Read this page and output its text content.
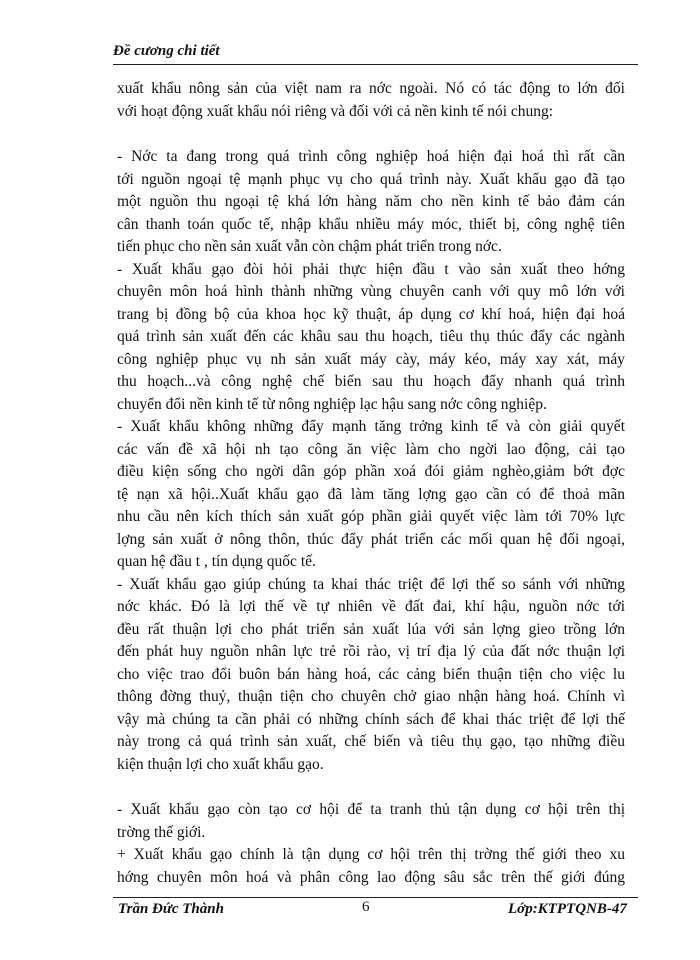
Đề cương chi tiết
xuất khẩu nông sản của việt nam ra nớc ngoài. Nó có tác động to lớn đối
với hoạt động xuất khẩu nói riêng và đối với cả nền kinh tế nói chung:
- Nớc ta đang trong quá trình công nghiệp hoá hiện đại hoá thì rất cần
tới nguồn ngoại tệ mạnh phục vụ cho quá trình này. Xuất khẩu gạo đã tạo
một nguồn thu ngoại tệ khá lớn hàng năm cho nền kinh tế bảo đảm cán
cân thanh toán quốc tế, nhập khẩu nhiều máy móc, thiết bị, công nghệ tiên
tiến phục cho nền sản xuất vẫn còn chậm phát triển trong nớc.
- Xuất khẩu gạo đòi hỏi phải thực hiện đầu t vào sản xuất theo hớng
chuyên môn hoá hình thành những vùng chuyên canh với quy mô lớn với
trang bị đồng bộ của khoa học kỹ thuật, áp dụng cơ khí hoá, hiện đại hoá
quá trình sản xuất đến các khâu sau thu hoạch, tiêu thụ thúc đẩy các ngành
công nghiệp phục vụ nh sản xuất máy cày, máy kéo, máy xay xát, máy
thu hoạch...và công nghệ chế biến sau thu hoạch đẩy nhanh quá trình
chuyển đổi nền kinh tế từ nông nghiệp lạc hậu sang nớc công nghiệp.
- Xuất khẩu không những đẩy mạnh tăng trởng kinh tế và còn giải quyết
các vấn đề xã hội nh tạo công ăn việc làm cho ngời lao động, cải tạo
điều kiện sống cho ngời dân góp phần xoá đói giảm nghèo,giảm bớt đợc
tệ nạn xã hội..Xuất khẩu gạo đã làm tăng lợng gạo cần có để thoả mãn
nhu cầu nên kích thích sản xuất góp phần giải quyết việc làm tới 70% lực
lợng sản xuất ở nông thôn, thúc đẩy phát triển các mối quan hệ đối ngoại,
quan hệ đầu t , tín dụng quốc tế.
- Xuất khẩu gạo giúp chúng ta khai thác triệt để lợi thế so sánh với những
nớc khác. Đó là lợi thế về tự nhiên về đất đai, khí hậu, nguồn nớc tới
đều rất thuận lợi cho phát triển sản xuất lúa với sản lợng gieo trồng lớn
đến phát huy nguồn nhân lực trẻ rồi rào, vị trí địa lý của đất nớc thuận lợi
cho việc trao đổi buôn bán hàng hoá, các cảng biển thuận tiện cho việc lu
thông đờng thuỷ, thuận tiện cho chuyên chở giao nhận hàng hoá. Chính vì
vậy mà chúng ta cần phải có những chính sách để khai thác triệt để lợi thế
này trong cả quá trình sản xuất, chế biến và tiêu thụ gạo, tạo những điều
kiện thuận lợi cho xuất khẩu gạo.
- Xuất khẩu gạo còn tạo cơ hội để ta tranh thủ tận dụng cơ hội trên thị
trờng thế giới.
+ Xuất khẩu gạo chính là tận dụng cơ hội trên thị trờng thế giới theo xu
hớng chuyên môn hoá và phân công lao động sâu sắc trên thế giới đúng
Trần Đức Thành	6	Lớp:KTPTQNB-47
